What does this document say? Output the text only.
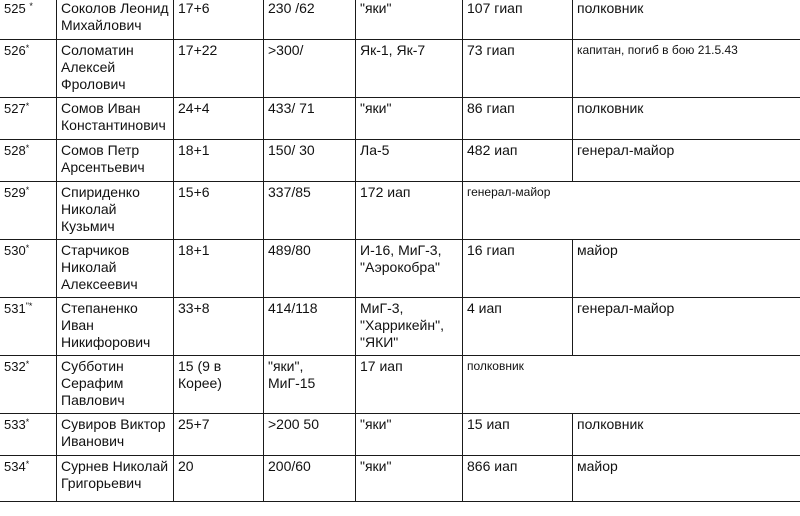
525 *	Соколов Леонид Михайлович	17+6	230 /62	"яки"	107 гиап	полковник
526*	Соломатин Алексей Фролович	17+22	>300/	Як-1, Як-7	73 гиап	капитан, погиб в бою 21.5.43
527*	Сомов Иван Константинович	24+4	433/ 71	"яки"	86 гиап	полковник
528*	Сомов Петр Арсентьевич	18+1	150/ 30	Ла-5	482 иап	генерал-майор
529*	Спириденко Николай Кузьмич	15+6	337/85	172 иап	генерал-майор	
530*	Старчиков Николай Алексеевич	18+1	489/80	И-16, МиГ-3, "Аэрокобра"	16 гиап	майор
531"*	Степаненко Иван Никифорович	33+8	414/118	МиГ-3, "Харрикейн", "ЯКИ"	4 иап	генерал-майор
532*	Субботин Серафим Павлович	15 (9 в Корее)	"яки", МиГ-15	17 иап	полковник	
533*	Сувиров Виктор Иванович	25+7	>200 50	"яки"	15 иап	полковник
534*	Сурнев Николай Григорьевич	20	200/60	"яки"	866 иап	майор
